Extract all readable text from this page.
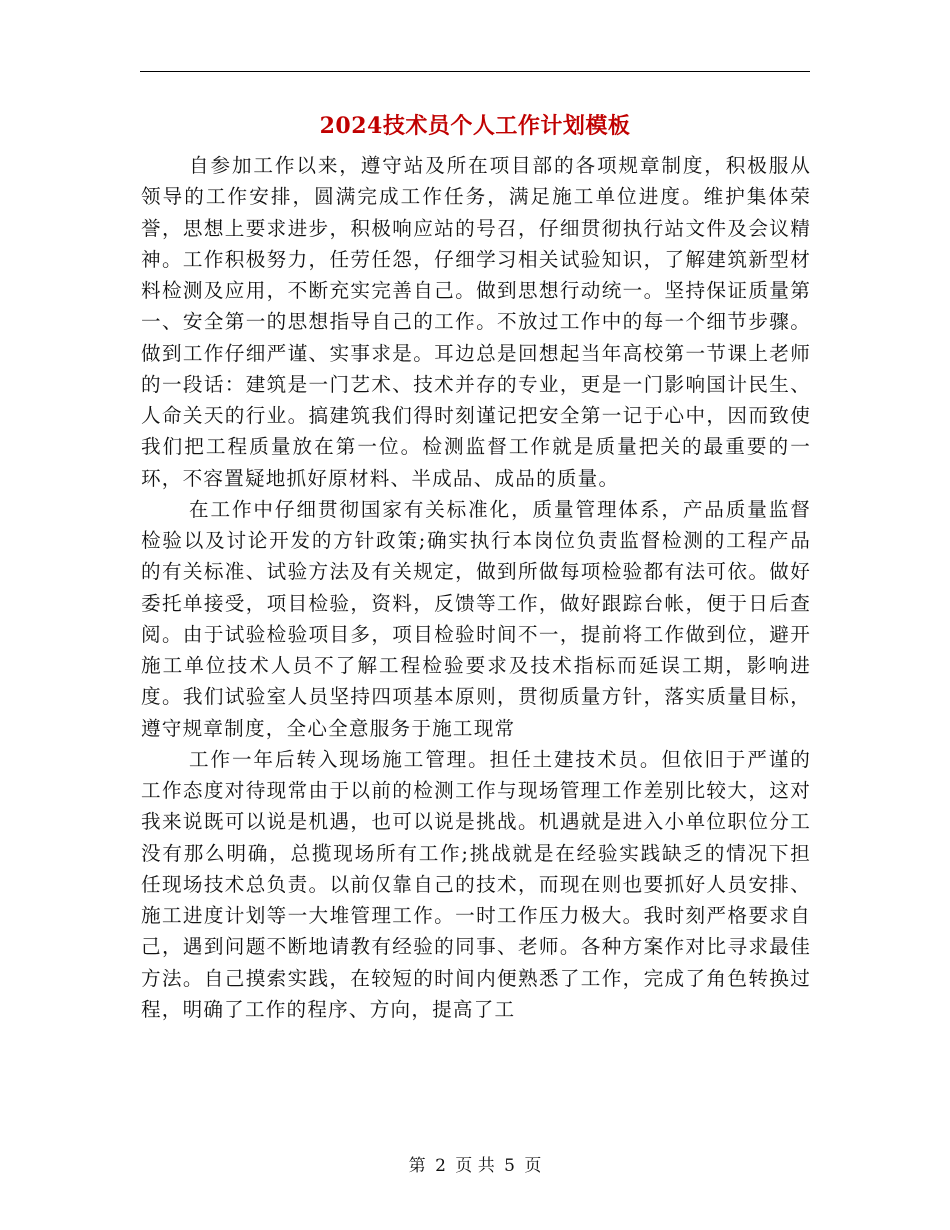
2024技术员个人工作计划模板

自参加工作以来，遵守站及所在项目部的各项规章制度，积极服从领导的工作安排，圆满完成工作任务，满足施工单位进度。维护集体荣誉，思想上要求进步，积极响应站的号召，仔细贯彻执行站文件及会议精神。工作积极努力，任劳任怨，仔细学习相关试验知识，了解建筑新型材料检测及应用，不断充实完善自己。做到思想行动统一。坚持保证质量第一、安全第一的思想指导自己的工作。不放过工作中的每一个细节步骤。做到工作仔细严谨、实事求是。耳边总是回想起当年高校第一节课上老师的一段话：建筑是一门艺术、技术并存的专业，更是一门影响国计民生、人命关天的行业。搞建筑我们得时刻谨记把安全第一记于心中，因而致使我们把工程质量放在第一位。检测监督工作就是质量把关的最重要的一环，不容置疑地抓好原材料、半成品、成品的质量。

在工作中仔细贯彻国家有关标准化，质量管理体系，产品质量监督检验以及讨论开发的方针政策;确实执行本岗位负责监督检测的工程产品的有关标准、试验方法及有关规定，做到所做每项检验都有法可依。做好委托单接受，项目检验，资料，反馈等工作，做好跟踪台帐，便于日后查阅。由于试验检验项目多，项目检验时间不一，提前将工作做到位，避开施工单位技术人员不了解工程检验要求及技术指标而延误工期，影响进度。我们试验室人员坚持四项基本原则，贯彻质量方针，落实质量目标，遵守规章制度，全心全意服务于施工现常

工作一年后转入现场施工管理。担任土建技术员。但依旧于严谨的工作态度对待现常由于以前的检测工作与现场管理工作差别比较大，这对我来说既可以说是机遇，也可以说是挑战。机遇就是进入小单位职位分工没有那么明确，总揽现场所有工作;挑战就是在经验实践缺乏的情况下担任现场技术总负责。以前仅靠自己的技术，而现在则也要抓好人员安排、施工进度计划等一大堆管理工作。一时工作压力极大。我时刻严格要求自己，遇到问题不断地请教有经验的同事、老师。各种方案作对比寻求最佳方法。自己摸索实践，在较短的时间内便熟悉了工作，完成了角色转换过程，明确了工作的程序、方向，提高了工

第 2 页 共 5 页
